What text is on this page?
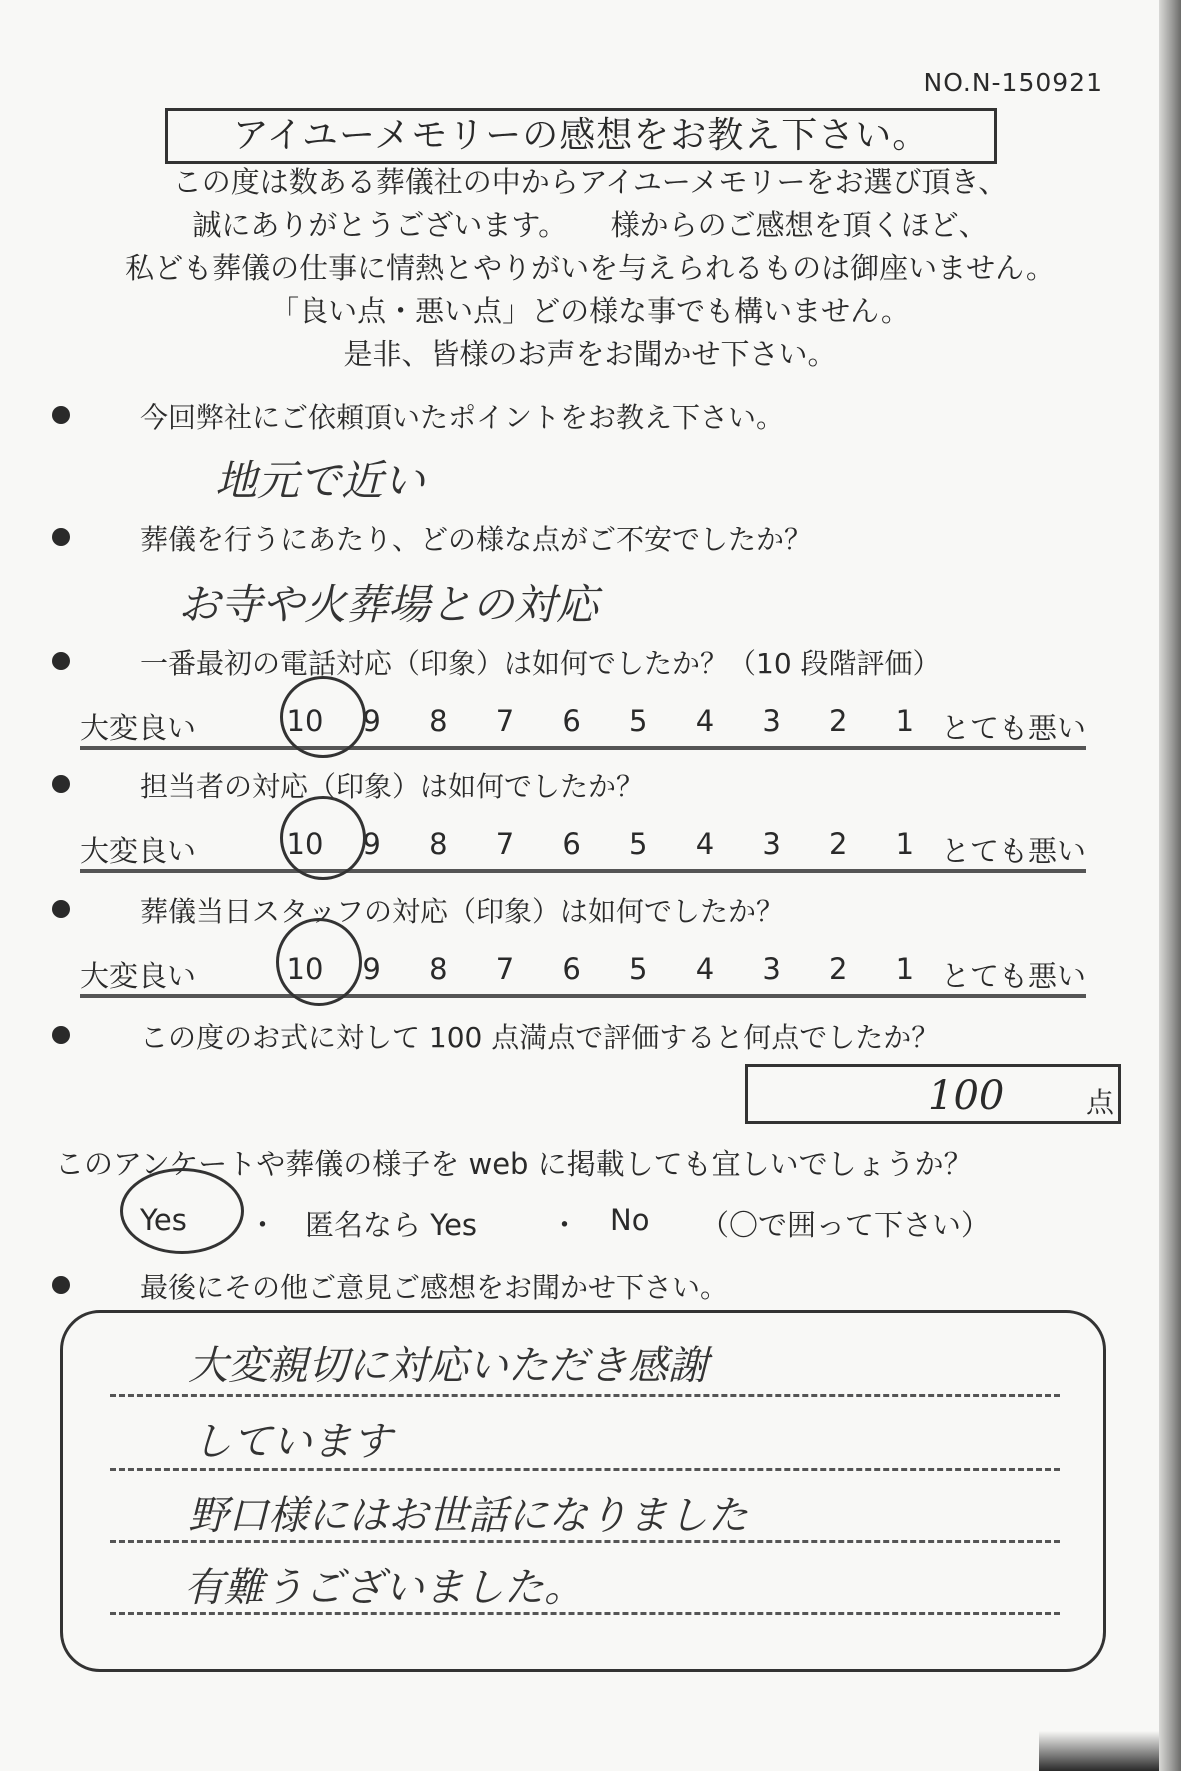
NO.N-150921
アイユーメモリーの感想をお教え下さい。
この度は数ある葬儀社の中からアイユーメモリーをお選び頂き、
誠にありがとうございます。　　様からのご感想を頂くほど、
私ども葬儀の仕事に情熱とやりがいを与えられるものは御座いません。
「良い点・悪い点」どの様な事でも構いません。
是非、皆様のお声をお聞かせ下さい。
今回弊社にご依頼頂いたポイントをお教え下さい。
地元で近い
葬儀を行うにあたり、どの様な点がご不安でしたか？
お寺や火葬場との対応
一番最初の電話対応（印象）は如何でしたか？（10 段階評価）
大変良い	10	9	8	7	6	5	4	3	2	1 とても悪い
担当者の対応（印象）は如何でしたか？
大変良い	10	9	8	7	6	5	4	3	2	1 とても悪い
葬儀当日スタッフの対応（印象）は如何でしたか？
大変良い	10	9	8	7	6	5	4	3	2	1 とても悪い
この度のお式に対して 100 点満点で評価すると何点でしたか？
100	点
このアンケートや葬儀の様子を web に掲載しても宜しいでしょうか？
Yes ・ 匿名なら Yes	・ No （〇で囲って下さい）
最後にその他ご意見ご感想をお聞かせ下さい。
大変親切に対応いただき感謝
しています
野口様にはお世話になりました
有難うございました。
